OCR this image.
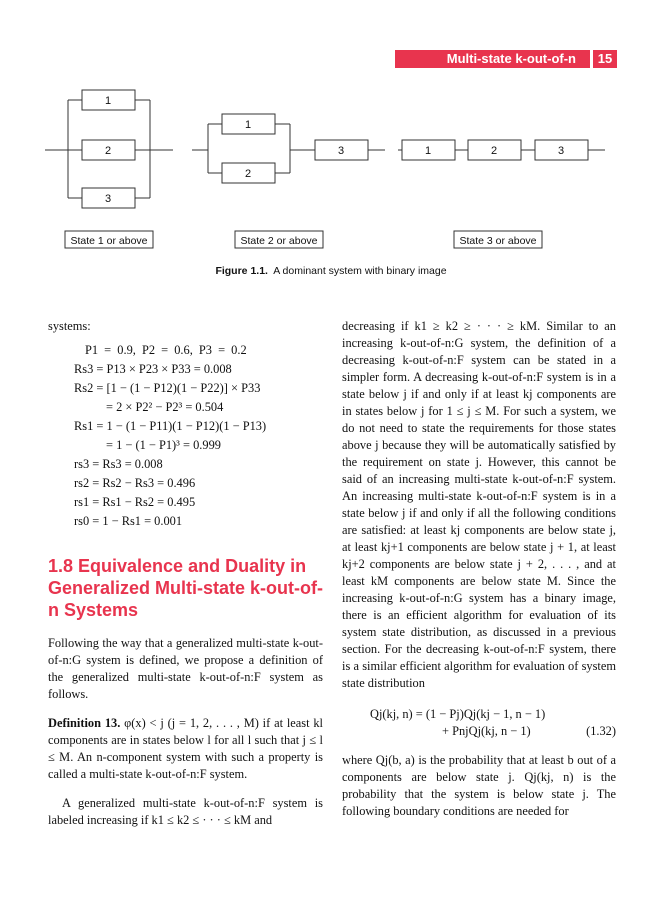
Multi-state k-out-of-n Systems
15
1
2
3
1
2
3	1	2	3
State 1 or above	State 2 or above	State 3 or above
Figure 1.1. A dominant system with binary image

systems:

P1 = 0.9, P2 = 0.6, P3 = 0.2
Rs3 = P13 × P23 × P33 = 0.008
Rs2 = [1 − (1 − P12)(1 − P22)] × P33
= 2 × P2² − P2³ = 0.504
Rs1 = 1 − (1 − P11)(1 − P12)(1 − P13)
= 1 − (1 − P1)³ = 0.999
rs3 = Rs3 = 0.008
rs2 = Rs2 − Rs3 = 0.496
rs1 = Rs1 − Rs2 = 0.495
rs0 = 1 − Rs1 = 0.001
1.8 Equivalence and Duality in Generalized Multi-state k-out-of-n Systems

Following the way that a generalized multi-state k-out-of-n:G system is defined, we propose a definition of the generalized multi-state k-out-of-n:F system as follows.

Definition 13. φ(x) < j (j = 1, 2, . . . , M) if at least kl components are in states below l for all l such that j ≤ l ≤ M. An n-component system with such a property is called a multi-state k-out-of-n:F system.

A generalized multi-state k-out-of-n:F system is labeled increasing if k1 ≤ k2 ≤ · · · ≤ kM and

decreasing if k1 ≥ k2 ≥ · · · ≥ kM. Similar to an increasing k-out-of-n:G system, the definition of a decreasing k-out-of-n:F system can be stated in a simpler form. A decreasing k-out-of-n:F system is in a state below j if and only if at least kj components are in states below j for 1 ≤ j ≤ M. For such a system, we do not need to state the requirements for those states above j because they will be automatically satisfied by the requirement on state j. However, this cannot be said of an increasing multi-state k-out-of-n:F system. An increasing multi-state k-out-of-n:F system is in a state below j if and only if all the following conditions are satisfied: at least kj components are below state j, at least kj+1 components are below state j + 1, at least kj+2 components are below state j + 2, . . . , and at least kM components are below state M. Since the increasing k-out-of-n:G system has a binary image, there is an efficient algorithm for evaluation of its system state distribution, as discussed in a previous section. For the decreasing k-out-of-n:F system, there is a similar efficient algorithm for evaluation of system state distribution

Qj(kj, n) = (1 − Pj)Qj(kj − 1, n − 1)
+ PnjQj(kj, n − 1)	(1.32)

where Qj(b, a) is the probability that at least b out of a components are below state j. Qj(kj, n) is the probability that the system is below state j. The following boundary conditions are needed for
